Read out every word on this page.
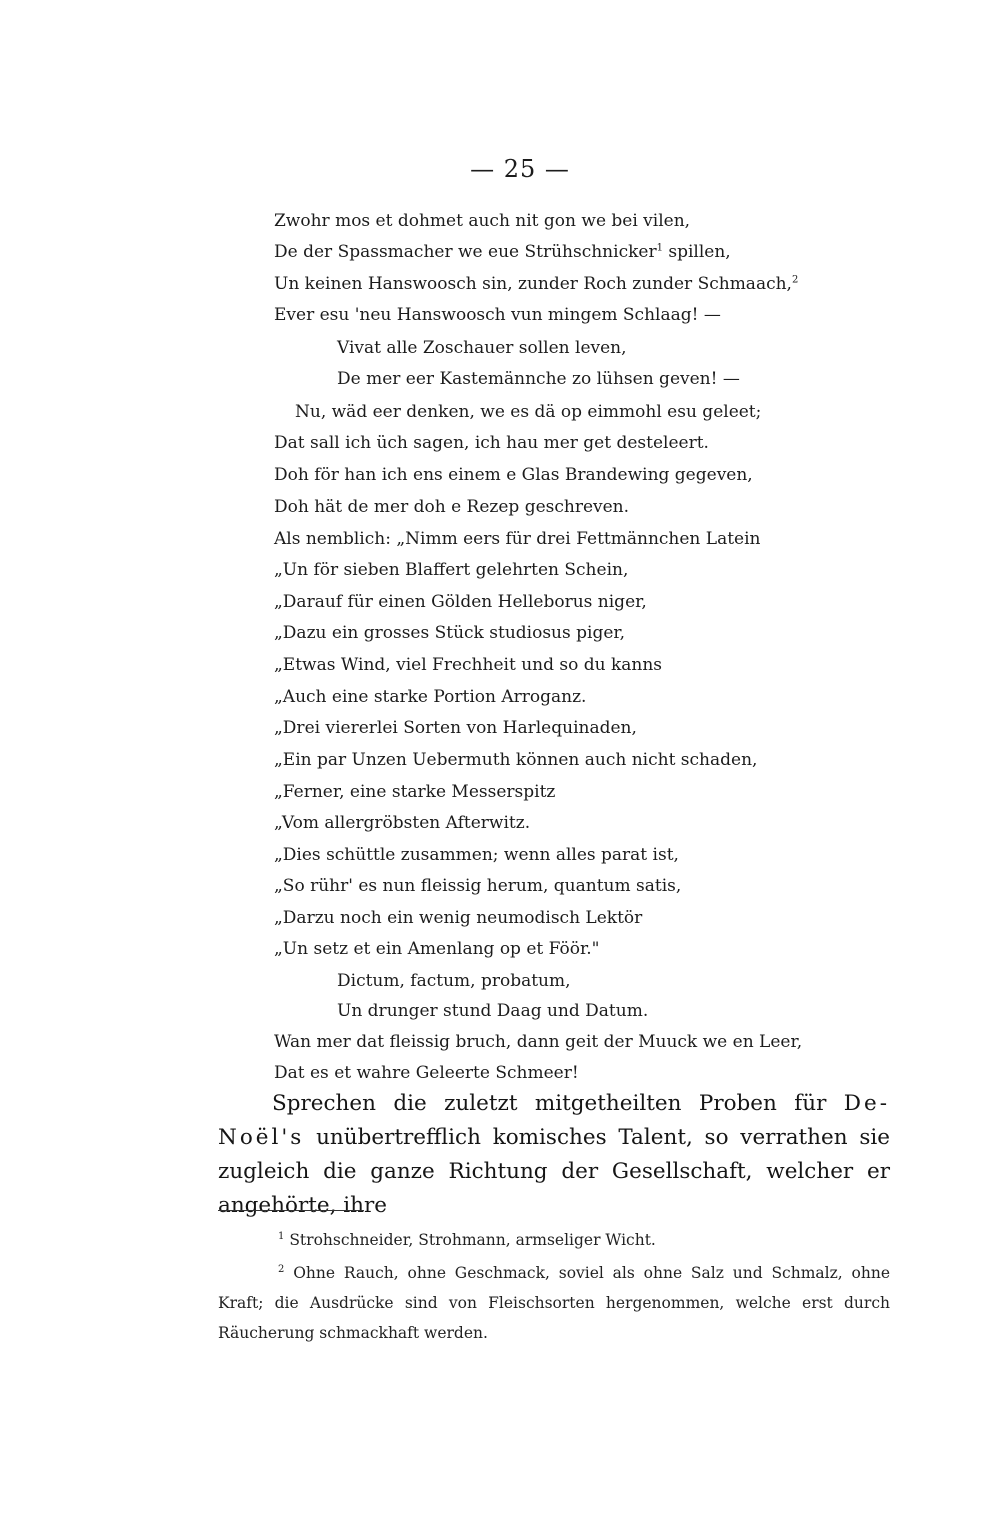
— 25 —
Zwohr mos et dohmet auch nit gon we bei vilen,
De der Spassmacher we eue Strühschnicker$^1$ spillen,
Un keinen Hanswoosch sin, zunder Roch zunder Schmaach,$^2$
Ever esu 'neu Hanswoosch vun mingem Schlaag! —
Vivat alle Zoschauer sollen leven,
De mer eer Kastemännche zo lühsen geven! —
Nu, wäd eer denken, we es dä op eimmohl esu geleet;
Dat sall ich üch sagen, ich hau mer get desteleert.
Doh för han ich ens einem e Glas Brandewing gegeven,
Doh hät de mer doh e Rezep geschreven.
Als nemblich: „Nimm eers für drei Fettmännchen Latein
„Un för sieben Blaffert gelehrten Schein,
„Darauf für einen Gölden Helleborus niger,
„Dazu ein grosses Stück studiosus piger,
„Etwas Wind, viel Frechheit und so du kanns
„Auch eine starke Portion Arroganz.
„Drei viererlei Sorten von Harlequinaden,
„Ein par Unzen Uebermuth können auch nicht schaden,
„Ferner, eine starke Messerspitz
„Vom allergröbsten Afterwitz.
„Dies schüttle zusammen; wenn alles parat ist,
„So rühr' es nun fleissig herum, quantum satis,
„Darzu noch ein wenig neumodisch Lektör
„Un setz et ein Amenlang op et Föör."
Dictum, factum, probatum,
Un drunger stund Daag und Datum.
Wan mer dat fleissig bruch, dann geit der Muuck we en Leer,
Dat es et wahre Geleerte Schmeer!
Sprechen die zuletzt mitgetheilten Proben für De-Noël's unübertrefflich komisches Talent, so verrathen sie zugleich die ganze Richtung der Gesellschaft, welcher er angehörte, ihre
$^1$ Strohschneider, Strohmann, armseliger Wicht.
$^2$ Ohne Rauch, ohne Geschmack, soviel als ohne Salz und Schmalz, ohne Kraft; die Ausdrücke sind von Fleischsorten hergenommen, welche erst durch Räucherung schmackhaft werden.
